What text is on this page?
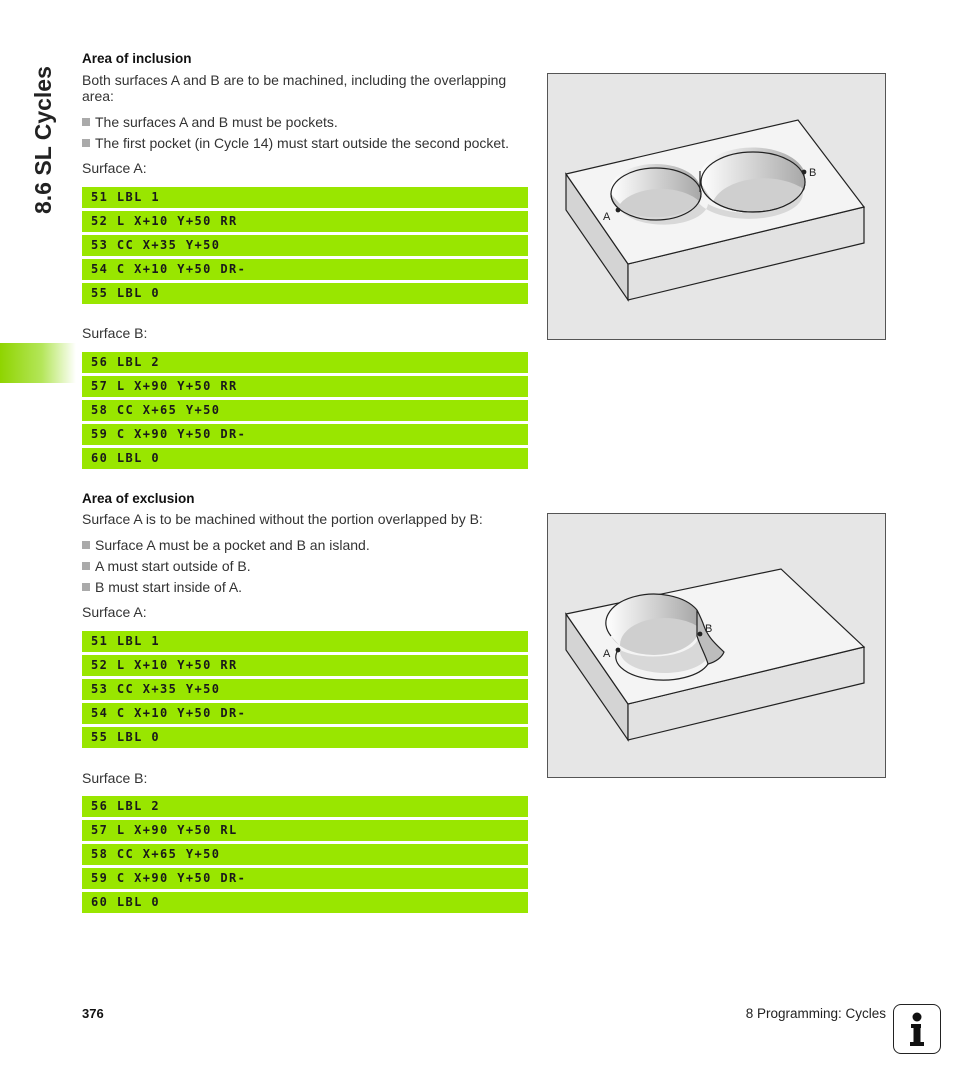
8.6 SL Cycles
Area of inclusion
Both surfaces A and B are to be machined, including the overlapping area:
The surfaces A and B must be pockets.
The first pocket (in Cycle 14) must start outside the second pocket.
Surface A:
51 LBL 1
52 L X+10 Y+50 RR
53 CC X+35 Y+50
54 C X+10 Y+50 DR-
55 LBL 0
Surface B:
56 LBL 2
57 L X+90 Y+50 RR
58 CC X+65 Y+50
59 C X+90 Y+50 DR-
60 LBL 0
A
B
Area of exclusion
Surface A is to be machined without the portion overlapped by B:
Surface A must be a pocket and B an island.
A must start outside of B.
B must start inside of A.
Surface A:
51 LBL 1
52 L X+10 Y+50 RR
53 CC X+35 Y+50
54 C X+10 Y+50 DR-
55 LBL 0
Surface B:
56 LBL 2
57 L X+90 Y+50 RL
58 CC X+65 Y+50
59 C X+90 Y+50 DR-
60 LBL 0
A
B
376	8 Programming: Cycles
